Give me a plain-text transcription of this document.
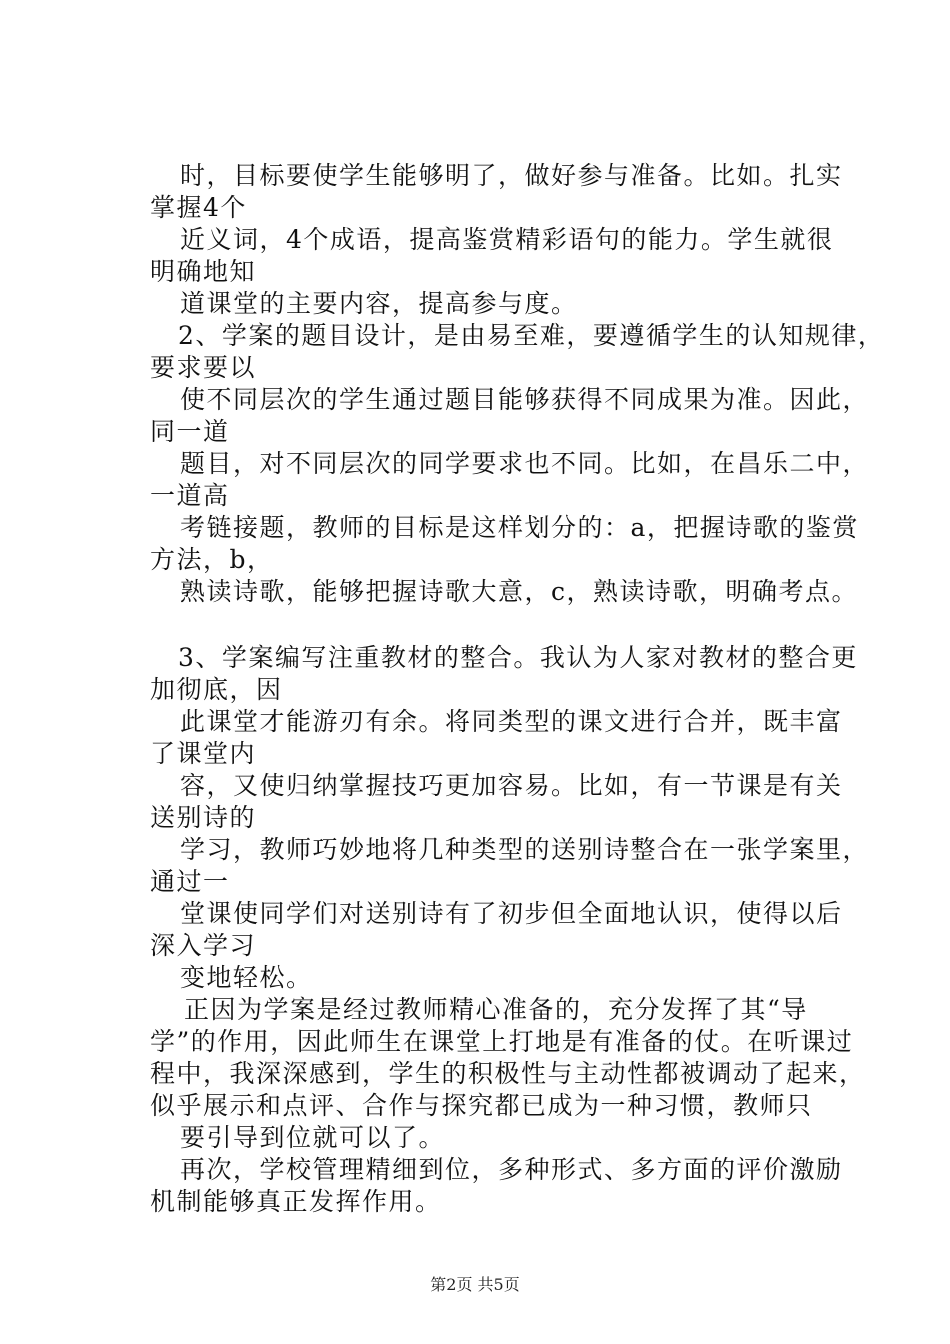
时，目标要使学生能够明了，做好参与准备。比如。扎实
掌握4个
近义词，4个成语，提高鉴赏精彩语句的能力。学生就很
明确地知
道课堂的主要内容，提高参与度。
2、学案的题目设计，是由易至难，要遵循学生的认知规律，
要求要以
使不同层次的学生通过题目能够获得不同成果为准。因此，
同一道
题目，对不同层次的同学要求也不同。比如，在昌乐二中，
一道高
考链接题，教师的目标是这样划分的：a，把握诗歌的鉴赏
方法，b，
熟读诗歌，能够把握诗歌大意，c，熟读诗歌，明确考点。
3、学案编写注重教材的整合。我认为人家对教材的整合更
加彻底，因
此课堂才能游刃有余。将同类型的课文进行合并，既丰富
了课堂内
容，又使归纳掌握技巧更加容易。比如，有一节课是有关
送别诗的
学习，教师巧妙地将几种类型的送别诗整合在一张学案里，
通过一
堂课使同学们对送别诗有了初步但全面地认识，使得以后
深入学习
变地轻松。
正因为学案是经过教师精心准备的，充分发挥了其“导
学”的作用，因此师生在课堂上打地是有准备的仗。在听课过
程中，我深深感到，学生的积极性与主动性都被调动了起来，
似乎展示和点评、合作与探究都已成为一种习惯，教师只
要引导到位就可以了。
再次，学校管理精细到位，多种形式、多方面的评价激励
机制能够真正发挥作用。
第2页 共5页
